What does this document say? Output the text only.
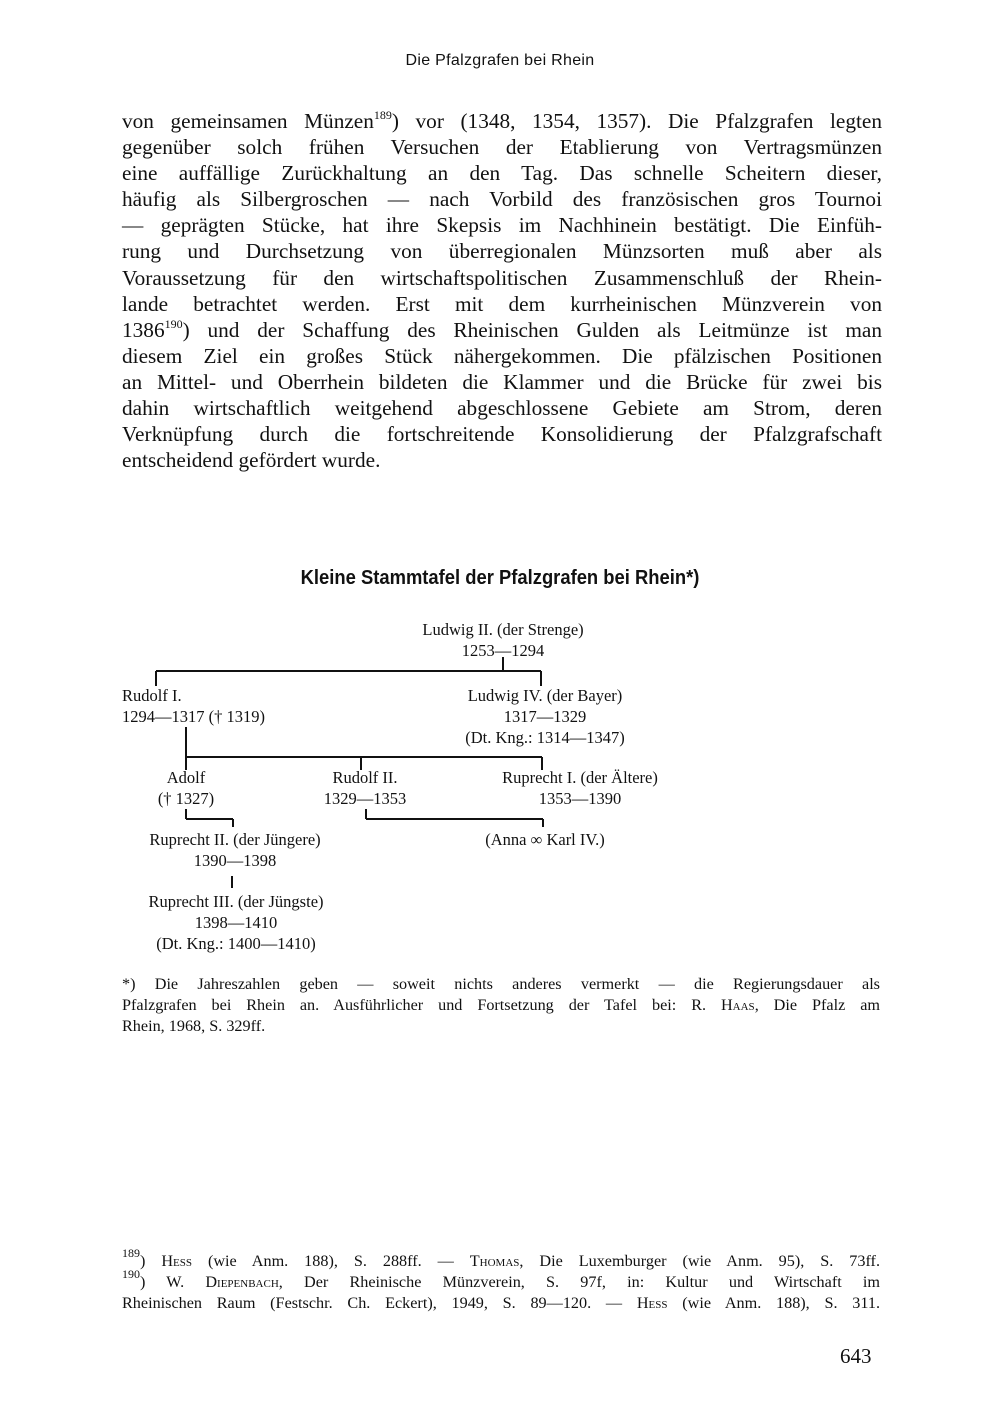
Die Pfalzgrafen bei Rhein
von gemeinsamen Münzen$^{189}$) vor (1348, 1354, 1357). Die Pfalzgrafen legten
gegenüber solch frühen Versuchen der Etablierung von Vertragsmünzen
eine auffällige Zurückhaltung an den Tag. Das schnelle Scheitern dieser,
häufig als Silbergroschen — nach Vorbild des französischen gros Tournoi
— geprägten Stücke, hat ihre Skepsis im Nachhinein bestätigt. Die Einfüh-
rung und Durchsetzung von überregionalen Münzsorten muß aber als
Voraussetzung für den wirtschaftspolitischen Zusammenschluß der Rhein-
lande betrachtet werden. Erst mit dem kurrheinischen Münzverein von
1386$^{190}$) und der Schaffung des Rheinischen Gulden als Leitmünze ist man
diesem Ziel ein großes Stück nähergekommen. Die pfälzischen Positionen
an Mittel- und Oberrhein bildeten die Klammer und die Brücke für zwei bis
dahin wirtschaftlich weitgehend abgeschlossene Gebiete am Strom, deren
Verknüpfung durch die fortschreitende Konsolidierung der Pfalzgrafschaft
entscheidend gefördert wurde.
Kleine Stammtafel der Pfalzgrafen bei Rhein*)
Ludwig II. (der Strenge)
1253—1294
Rudolf I.
1294—1317 († 1319)
Ludwig IV. (der Bayer)
1317—1329
(Dt. Kng.: 1314—1347)
Adolf
(† 1327)
Rudolf II.
1329—1353
Ruprecht I. (der Ältere)
1353—1390
Ruprecht II. (der Jüngere)
1390—1398
(Anna ∞ Karl IV.)
Ruprecht III. (der Jüngste)
1398—1410
(Dt. Kng.: 1400—1410)
*) Die Jahreszahlen geben — soweit nichts anderes vermerkt — die Regierungsdauer als
Pfalzgrafen bei Rhein an. Ausführlicher und Fortsetzung der Tafel bei: R. Haas, Die Pfalz am
Rhein, 1968, S. 329ff.
$^{189}$) Hess (wie Anm. 188), S. 288ff. — Thomas, Die Luxemburger (wie Anm. 95), S. 73ff.
$^{190}$) W. Diepenbach, Der Rheinische Münzverein, S. 97f, in: Kultur und Wirtschaft im
Rheinischen Raum (Festschr. Ch. Eckert), 1949, S. 89—120. — Hess (wie Anm. 188), S. 311.
643
